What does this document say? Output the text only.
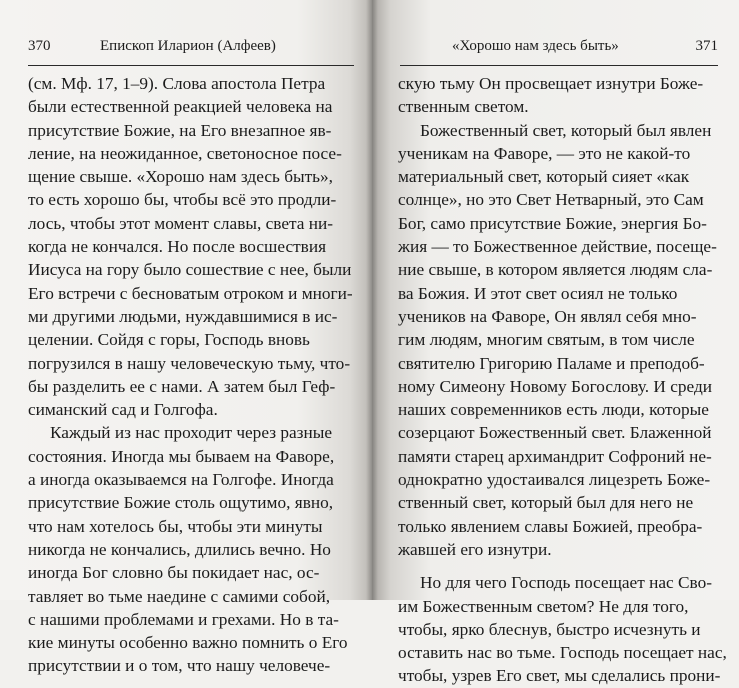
370	Епископ Иларион (Алфеев)
(см. Мф. 17, 1–9). Слова апостола Петра
были естественной реакцией человека на
присутствие Божие, на Его внезапное яв-
ление, на неожиданное, светоносное посе-
щение свыше. «Хорошо нам здесь быть»,
то есть хорошо бы, чтобы всё это продли-
лось, чтобы этот момент славы, света ни-
когда не кончался. Но после восшествия
Иисуса на гору было сошествие с нее, были
Его встречи с бесноватым отроком и многи-
ми другими людьми, нуждавшимися в ис-
целении. Сойдя с горы, Господь вновь
погрузился в нашу человеческую тьму, что-
бы разделить ее с нами. А затем был Геф-
симанский сад и Голгофа.
Каждый из нас проходит через разные
состояния. Иногда мы бываем на Фаворе,
а иногда оказываемся на Голгофе. Иногда
присутствие Божие столь ощутимо, явно,
что нам хотелось бы, чтобы эти минуты
никогда не кончались, длились вечно. Но
иногда Бог словно бы покидает нас, ос-
тавляет во тьме наедине с самими собой,
с нашими проблемами и грехами. Но в та-
кие минуты особенно важно помнить о Его
присутствии и о том, что нашу человече-
«Хорошо нам здесь быть»	371
скую тьму Он просвещает изнутри Боже-
ственным светом.
Божественный свет, который был явлен
ученикам на Фаворе, — это не какой-то
материальный свет, который сияет «как
солнце», но это Свет Нетварный, это Сам
Бог, само присутствие Божие, энергия Бо-
жия — то Божественное действие, посеще-
ние свыше, в котором является людям сла-
ва Божия. И этот свет осиял не только
учеников на Фаворе, Он являл себя мно-
гим людям, многим святым, в том числе
святителю Григорию Паламе и преподоб-
ному Симеону Новому Богослову. И среди
наших современников есть люди, которые
созерцают Божественный свет. Блаженной
памяти старец архимандрит Софроний не-
однократно удостаивался лицезреть Боже-
ственный свет, который был для него не
только явлением славы Божией, преобра-
жавшей его изнутри.
Но для чего Господь посещает нас Сво-
им Божественным светом? Не для того,
чтобы, ярко блеснув, быстро исчезнуть и
оставить нас во тьме. Господь посещает нас,
чтобы, узрев Его свет, мы сделались прони-
